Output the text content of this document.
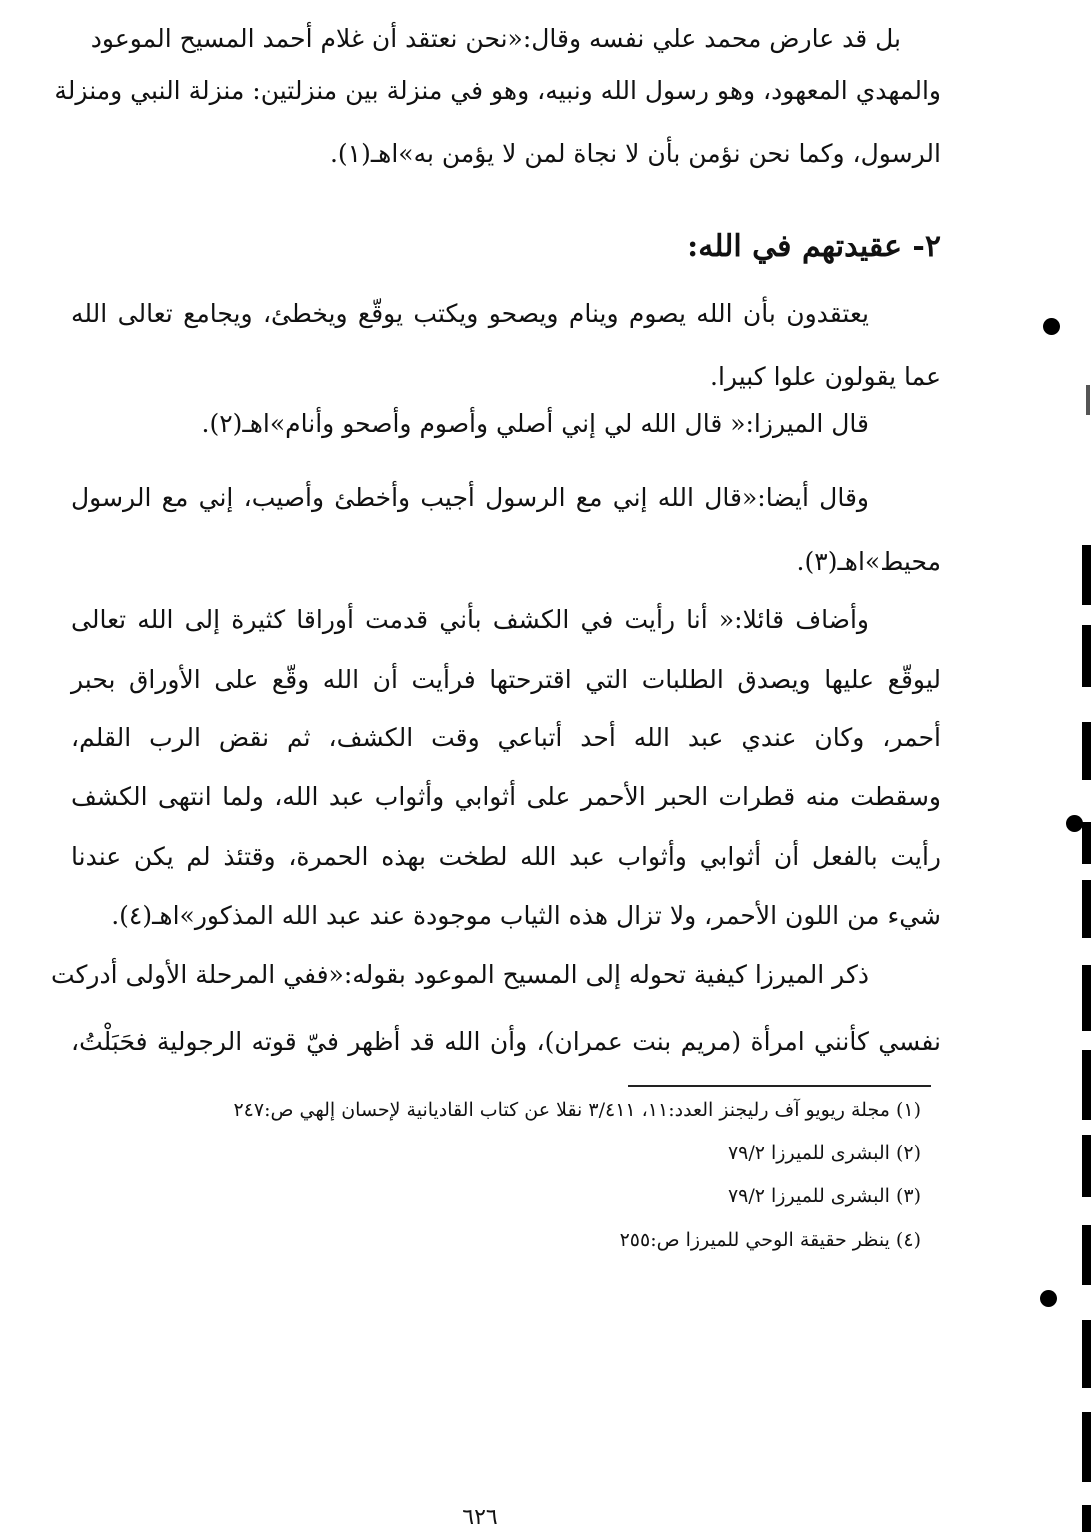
بل قد عارض محمد علي نفسه وقال:«نحن نعتقد أن غلام أحمد المسيح الموعود
والمهدي المعهود، وهو رسول الله ونبيه، وهو في منزلة بين منزلتين: منزلة النبي ومنزلة
الرسول، وكما نحن نؤمن بأن لا نجاة لمن لا يؤمن به»اهـ(١).
٢- عقيدتهم في الله:
يعتقدون بأن الله يصوم وينام ويصحو ويكتب يوقّع ويخطئ، ويجامع تعالى الله
عما يقولون علوا كبيرا.
قال الميرزا:« قال الله لي إني أصلي وأصوم وأصحو وأنام»اهـ(٢).
وقال أيضا:«قال الله إني مع الرسول أجيب وأخطئ وأصيب، إني مع الرسول
محيط»اهـ(٣).
وأضاف قائلا:« أنا رأيت في الكشف بأني قدمت أوراقا كثيرة إلى الله تعالى
ليوقّع عليها ويصدق الطلبات التي اقترحتها فرأيت أن الله وقّع على الأوراق بحبر
أحمر، وكان عندي عبد الله أحد أتباعي وقت الكشف، ثم نقض الرب القلم،
وسقطت منه قطرات الحبر الأحمر على أثوابي وأثواب عبد الله، ولما انتهى الكشف
رأيت بالفعل أن أثوابي وأثواب عبد الله لطخت بهذه الحمرة، وقتئذ لم يكن عندنا
شيء من اللون الأحمر، ولا تزال هذه الثياب موجودة عند عبد الله المذكور»اهـ(٤).
ذكر الميرزا كيفية تحوله إلى المسيح الموعود بقوله:«ففي المرحلة الأولى أدركت
نفسي كأنني امرأة (مريم بنت عمران)، وأن الله قد أظهر فيّ قوته الرجولية فحَبَلْتُ،
(١) مجلة ريويو آف رليجنز العدد:١١، ٣/٤١١ نقلا عن كتاب القاديانية لإحسان إلهي ص:٢٤٧
(٢) البشرى للميرزا ٧٩/٢
(٣) البشرى للميرزا ٧٩/٢
(٤) ينظر حقيقة الوحي للميرزا ص:٢٥٥
٦٢٦
